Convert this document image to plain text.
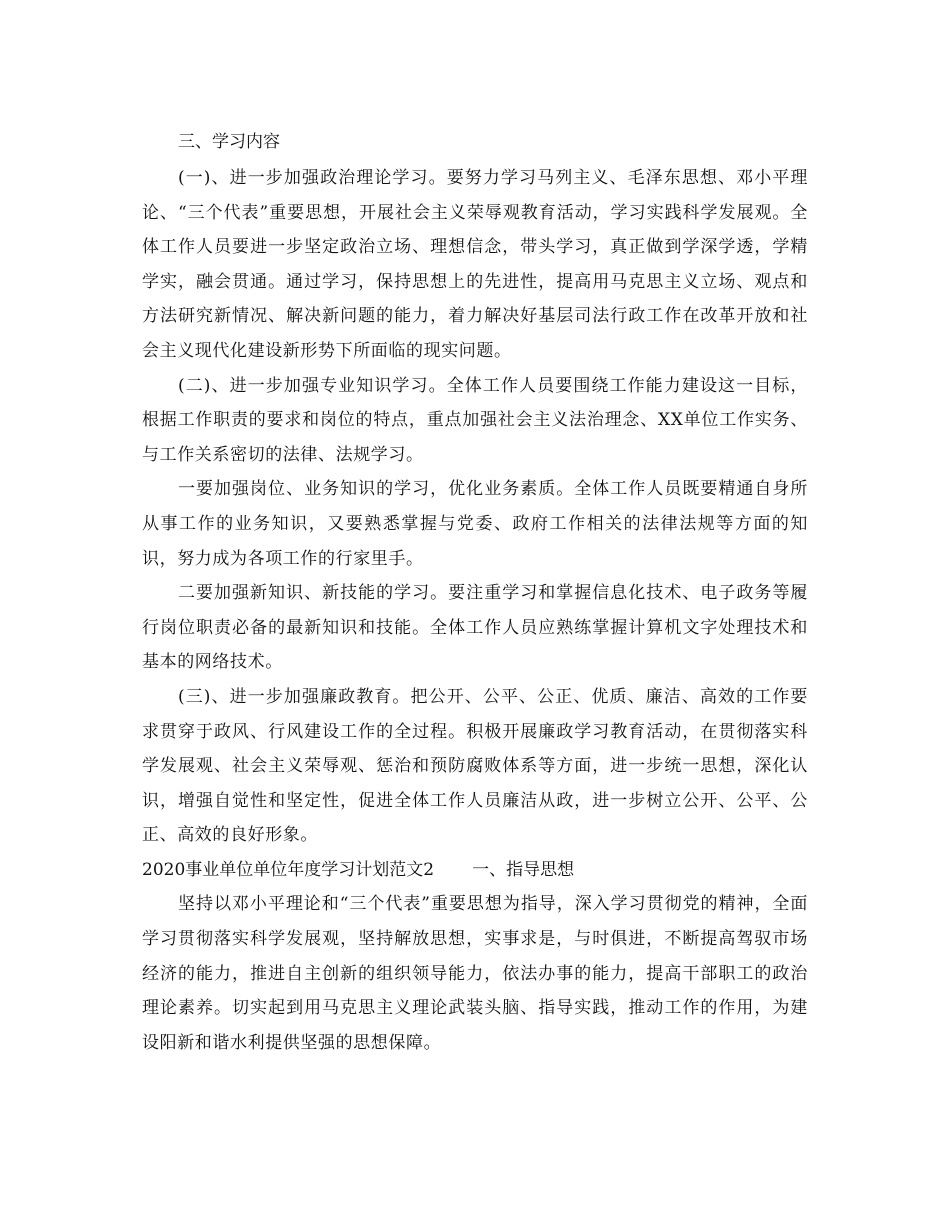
三、学习内容

(一)、进一步加强政治理论学习。要努力学习马列主义、毛泽东思想、邓小平理论、“三个代表”重要思想，开展社会主义荣辱观教育活动，学习实践科学发展观。全体工作人员要进一步坚定政治立场、理想信念，带头学习，真正做到学深学透，学精学实，融会贯通。通过学习，保持思想上的先进性，提高用马克思主义立场、观点和方法研究新情况、解决新问题的能力，着力解决好基层司法行政工作在改革开放和社会主义现代化建设新形势下所面临的现实问题。

(二)、进一步加强专业知识学习。全体工作人员要围绕工作能力建设这一目标，根据工作职责的要求和岗位的特点，重点加强社会主义法治理念、XX单位工作实务、与工作关系密切的法律、法规学习。

一要加强岗位、业务知识的学习，优化业务素质。全体工作人员既要精通自身所从事工作的业务知识，又要熟悉掌握与党委、政府工作相关的法律法规等方面的知识，努力成为各项工作的行家里手。

二要加强新知识、新技能的学习。要注重学习和掌握信息化技术、电子政务等履行岗位职责必备的最新知识和技能。全体工作人员应熟练掌握计算机文字处理技术和基本的网络技术。

(三)、进一步加强廉政教育。把公开、公平、公正、优质、廉洁、高效的工作要求贯穿于政风、行风建设工作的全过程。积极开展廉政学习教育活动，在贯彻落实科学发展观、社会主义荣辱观、惩治和预防腐败体系等方面，进一步统一思想，深化认识，增强自觉性和坚定性，促进全体工作人员廉洁从政，进一步树立公开、公平、公正、高效的良好形象。

2020事业单位单位年度学习计划范文2 一、指导思想

坚持以邓小平理论和“三个代表”重要思想为指导，深入学习贯彻党的精神，全面学习贯彻落实科学发展观，坚持解放思想，实事求是，与时俱进，不断提高驾驭市场经济的能力，推进自主创新的组织领导能力，依法办事的能力，提高干部职工的政治理论素养。切实起到用马克思主义理论武装头脑、指导实践，推动工作的作用，为建设阳新和谐水利提供坚强的思想保障。
